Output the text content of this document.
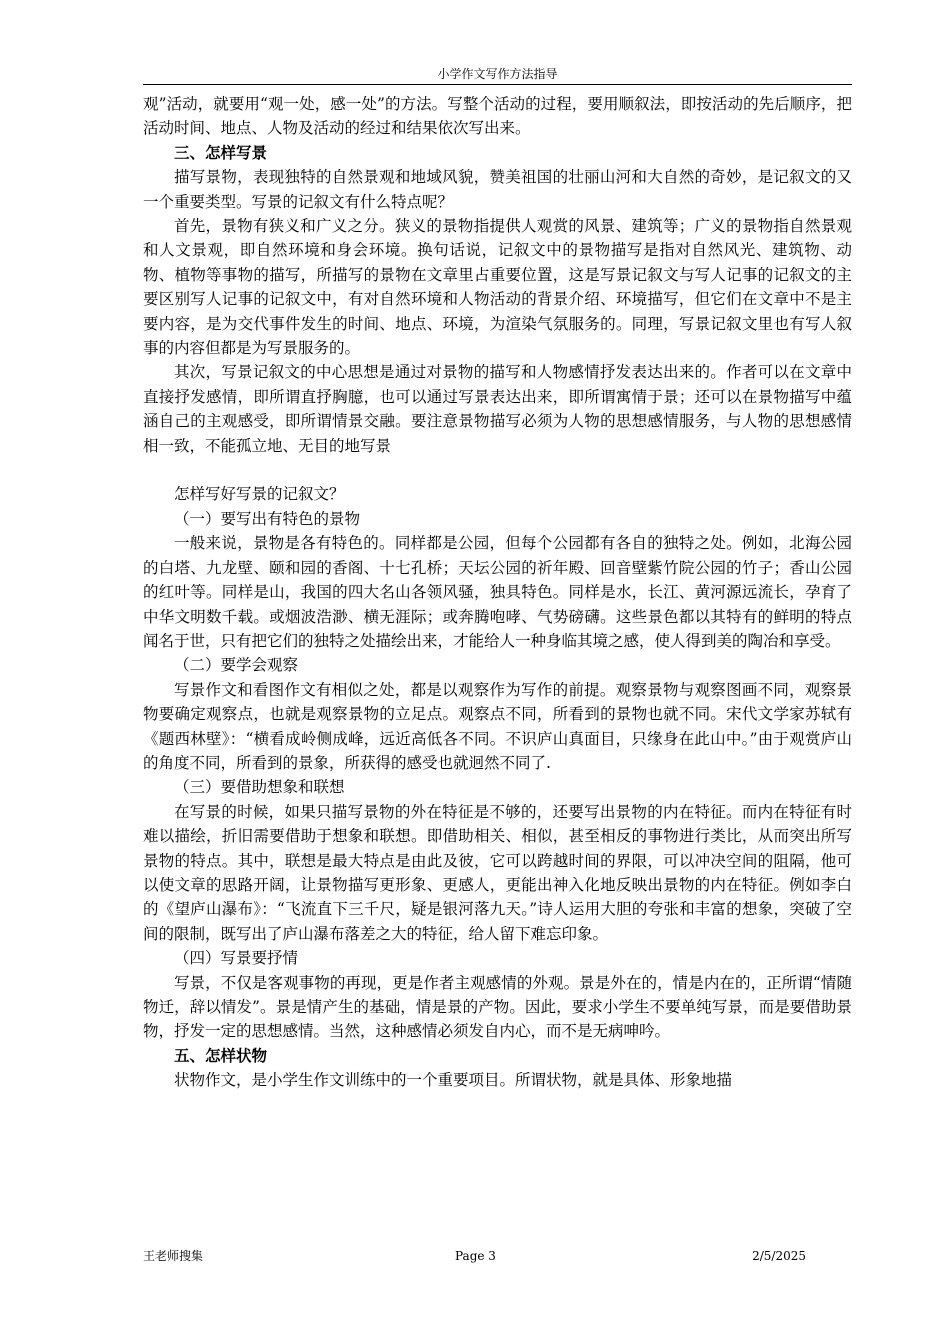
小学作文写作方法指导

观”活动，就要用“观一处，感一处”的方法。写整个活动的过程，要用顺叙法，即按活动的先后顺序，把活动时间、地点、人物及活动的经过和结果依次写出来。

三、怎样写景

描写景物，表现独特的自然景观和地域风貌，赞美祖国的壮丽山河和大自然的奇妙，是记叙文的又一个重要类型。写景的记叙文有什么特点呢？

首先，景物有狭义和广义之分。狭义的景物指提供人观赏的风景、建筑等；广义的景物指自然景观和人文景观，即自然环境和身会环境。换句话说，记叙文中的景物描写是指对自然风光、建筑物、动物、植物等事物的描写，所描写的景物在文章里占重要位置，这是写景记叙文与写人记事的记叙文的主要区别写人记事的记叙文中，有对自然环境和人物活动的背景介绍、环境描写，但它们在文章中不是主要内容，是为交代事件发生的时间、地点、环境，为渲染气氛服务的。同理，写景记叙文里也有写人叙事的内容但都是为写景服务的。

其次，写景记叙文的中心思想是通过对景物的描写和人物感情抒发表达出来的。作者可以在文章中直接抒发感情，即所谓直抒胸臆，也可以通过写景表达出来，即所谓寓情于景；还可以在景物描写中蕴涵自己的主观感受，即所谓情景交融。要注意景物描写必须为人物的思想感情服务，与人物的思想感情相一致，不能孤立地、无目的地写景

怎样写好写景的记叙文？

（一）要写出有特色的景物

一般来说，景物是各有特色的。同样都是公园，但每个公园都有各自的独特之处。例如，北海公园的白塔、九龙壁、颐和园的香阁、十七孔桥；天坛公园的祈年殿、回音壁紫竹院公园的竹子；香山公园的红叶等。同样是山，我国的四大名山各领风骚，独具特色。同样是水，长江、黄河源远流长，孕育了中华文明数千载。或烟波浩渺、横无涯际；或奔腾咆哮、气势磅礴。这些景色都以其特有的鲜明的特点闻名于世，只有把它们的独特之处描绘出来，才能给人一种身临其境之感，使人得到美的陶冶和享受。

（二）要学会观察

写景作文和看图作文有相似之处，都是以观察作为写作的前提。观察景物与观察图画不同，观察景物要确定观察点，也就是观察景物的立足点。观察点不同，所看到的景物也就不同。宋代文学家苏轼有《题西林壁》：“横看成岭侧成峰，远近高低各不同。不识庐山真面目，只缘身在此山中。”由于观赏庐山的角度不同，所看到的景象，所获得的感受也就迥然不同了.

（三）要借助想象和联想

在写景的时候，如果只描写景物的外在特征是不够的，还要写出景物的内在特征。而内在特征有时难以描绘，折旧需要借助于想象和联想。即借助相关、相似，甚至相反的事物进行类比，从而突出所写景物的特点。其中，联想是最大特点是由此及彼，它可以跨越时间的界限，可以冲决空间的阻隔，他可以使文章的思路开阔，让景物描写更形象、更感人，更能出神入化地反映出景物的内在特征。例如李白的《望庐山瀑布》：“飞流直下三千尺，疑是银河落九天。”诗人运用大胆的夸张和丰富的想象，突破了空间的限制，既写出了庐山瀑布落差之大的特征，给人留下难忘印象。

（四）写景要抒情

写景，不仅是客观事物的再现，更是作者主观感情的外观。景是外在的，情是内在的，正所谓“情随物迁，辞以情发”。景是情产生的基础，情是景的产物。因此，要求小学生不要单纯写景，而是要借助景物，抒发一定的思想感情。当然，这种感情必须发自内心，而不是无病呻吟。

五、怎样状物

状物作文，是小学生作文训练中的一个重要项目。所谓状物，就是具体、形象地描

王老师搜集	Page 3	2/5/2025
